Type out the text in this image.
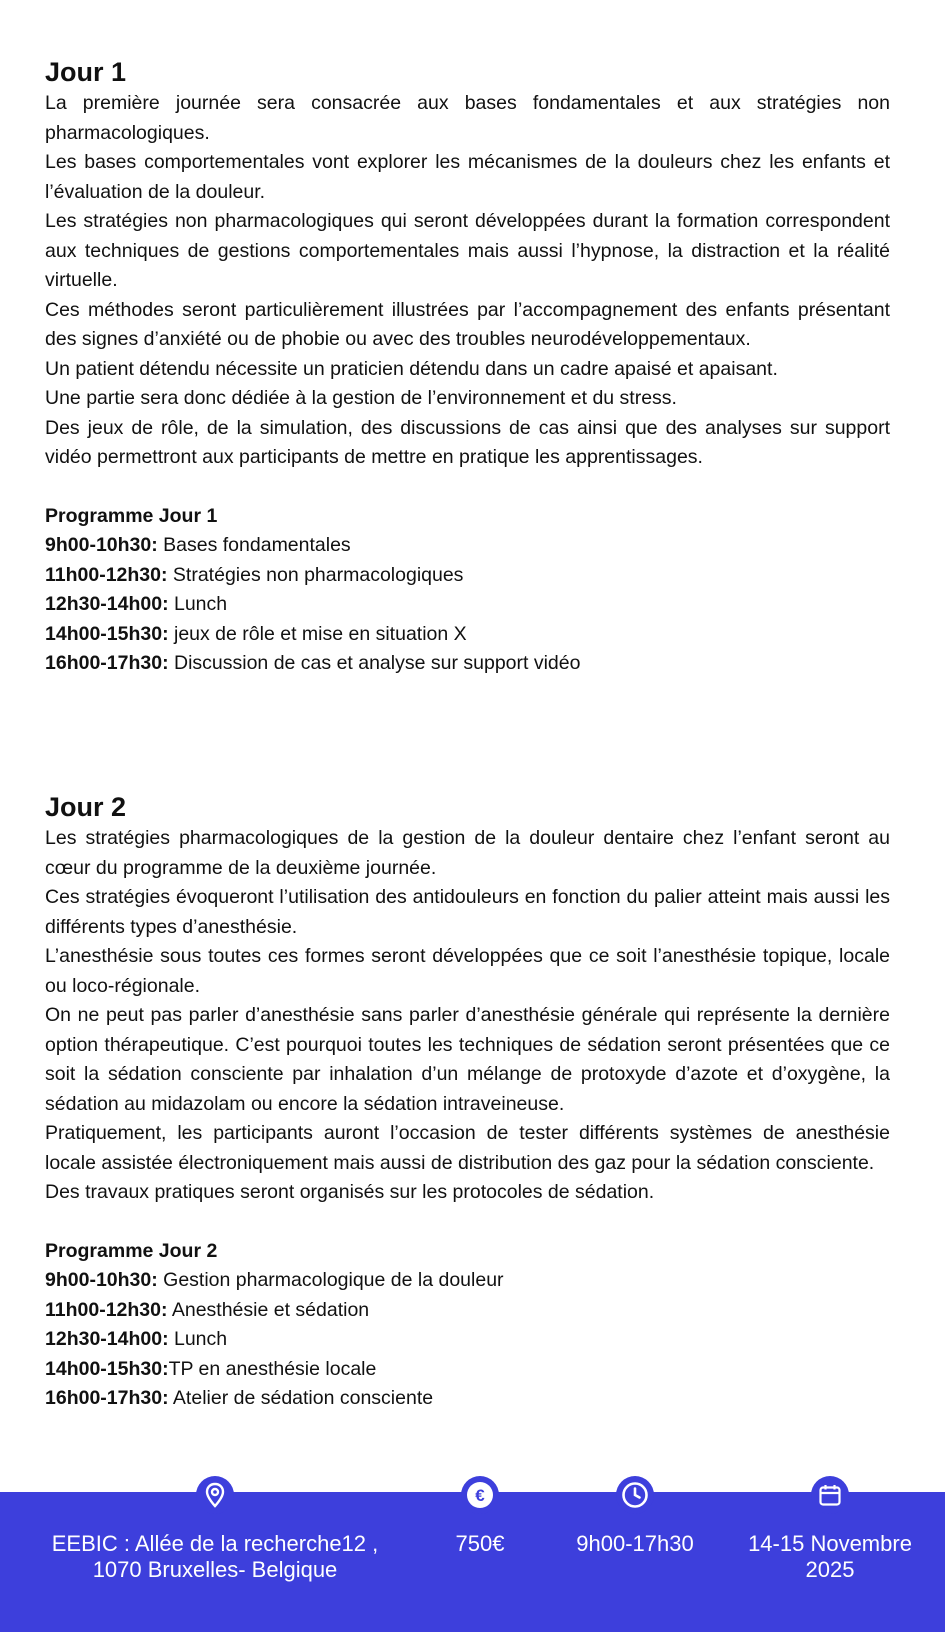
Jour 1

La première journée sera consacrée aux bases fondamentales et aux stratégies non pharmacologiques.

Les bases comportementales vont explorer les mécanismes de la douleurs chez les enfants et l’évaluation de la douleur.

Les stratégies non pharmacologiques qui seront développées durant la formation correspondent aux techniques de gestions comportementales mais aussi l’hypnose, la distraction et la réalité virtuelle.

Ces méthodes seront particulièrement illustrées par l’accompagnement des enfants présentant des signes d’anxiété ou de phobie ou avec des troubles neurodéveloppementaux.

Un patient détendu nécessite un praticien détendu dans un cadre apaisé et apaisant.

Une partie sera donc dédiée à la gestion de l’environnement et du stress.

Des jeux de rôle, de la simulation, des discussions de cas ainsi que des analyses sur support vidéo permettront aux participants de mettre en pratique les apprentissages.

Programme Jour 1

9h00-10h30: Bases fondamentales

11h00-12h30: Stratégies non pharmacologiques

12h30-14h00: Lunch

14h00-15h30: jeux de rôle et mise en situation X

16h00-17h30: Discussion de cas et analyse sur support vidéo

Jour 2

Les stratégies pharmacologiques de la gestion de la douleur dentaire chez l’enfant seront au cœur du programme de la deuxième journée.

Ces stratégies évoqueront l’utilisation des antidouleurs en fonction du palier atteint mais aussi les différents types d’anesthésie.

L’anesthésie sous toutes ces formes seront développées que ce soit l’anesthésie topique, locale ou loco-régionale.

On ne peut pas parler d’anesthésie sans parler d’anesthésie générale qui représente la dernière option thérapeutique. C’est pourquoi toutes les techniques de sédation seront présentées que ce soit la sédation consciente par inhalation d’un mélange de protoxyde d’azote et d’oxygène, la sédation au midazolam ou encore la sédation intraveineuse.

Pratiquement, les participants auront l’occasion de tester différents systèmes de anesthésie locale assistée électroniquement mais aussi de distribution des gaz pour la sédation consciente.

Des travaux pratiques seront organisés sur les protocoles de sédation.

Programme Jour 2

9h00-10h30: Gestion pharmacologique de la douleur

11h00-12h30: Anesthésie et sédation

12h30-14h00: Lunch

14h00-15h30:TP en anesthésie locale

16h00-17h30: Atelier de sédation consciente

EEBIC : Allée de la recherche12 ,
1070 Bruxelles- Belgique
€
750€	9h00-17h30	14-15 Novembre
2025
